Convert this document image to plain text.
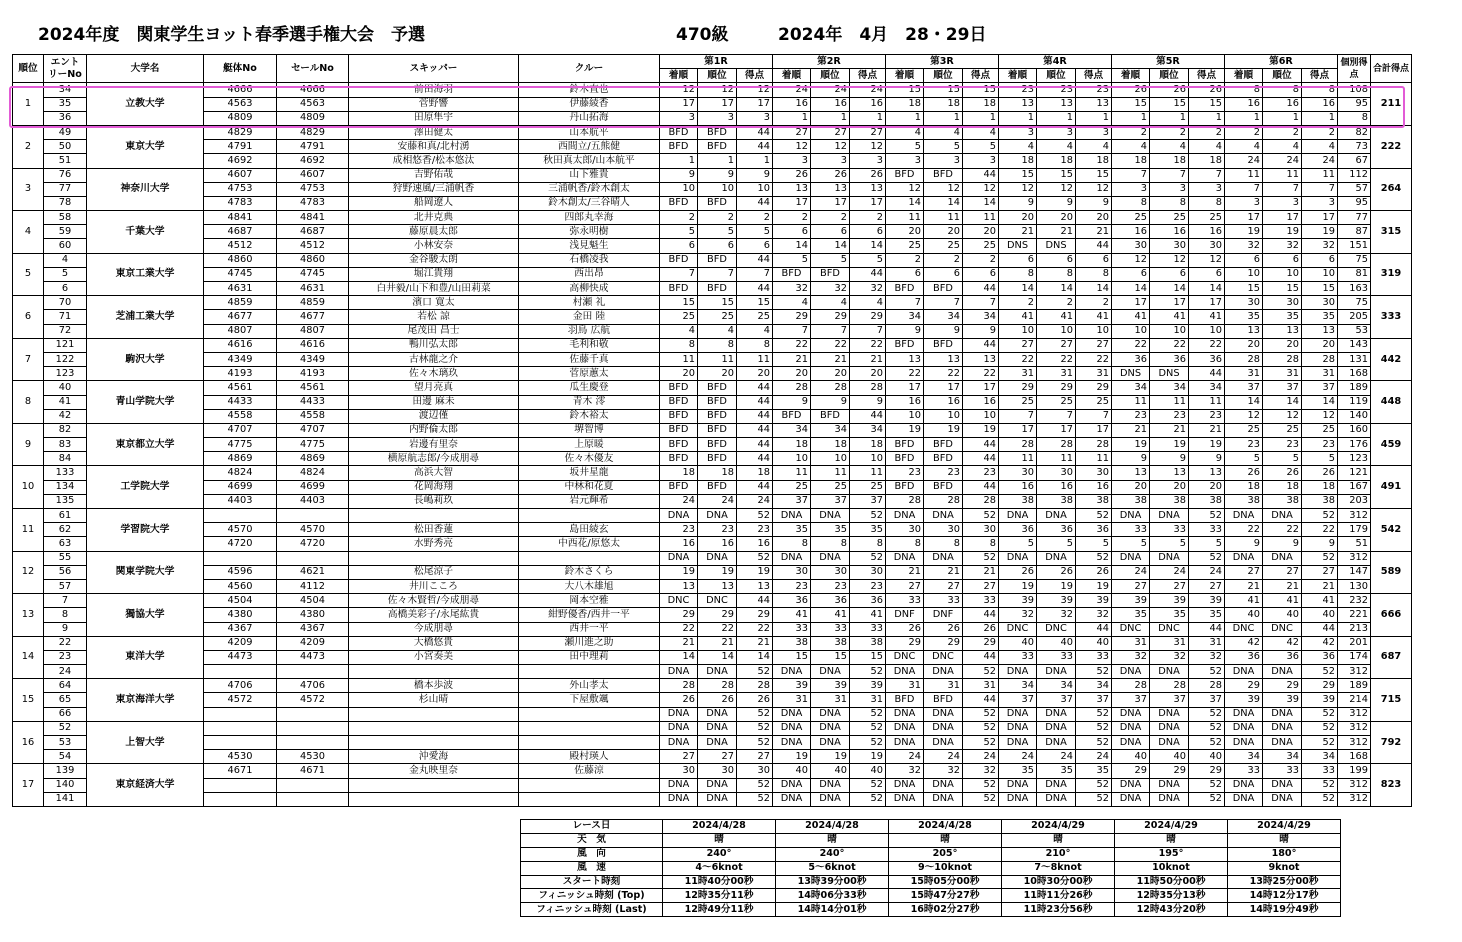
2024年度　関東学生ヨット春季選手権大会　予選	470級	2024年　4月　28・29日
順位	エントリーNo	大学名	艇体No	セールNo	スキッパー	クルー	第1R			第2R			第3R			第4R			第5R			第6R			個別得点	合計得点
							着順	順位	得点	着順	順位	得点	着順	順位	得点	着順	順位	得点	着順	順位	得点	着順	順位	得点		
1	34	立教大学	4666	4666	前田海羽	鈴木直也	12	12	12	24	24	24	15	15	15	23	23	23	26	26	26	8	8	8	108	211
	35		4563	4563	菅野響	伊藤綾香	17	17	17	16	16	16	18	18	18	13	13	13	15	15	15	16	16	16	95	
	36		4809	4809	田原隼宇	丹山拓海	3	3	3	1	1	1	1	1	1	1	1	1	1	1	1	1	1	1	8	
2	49	東京大学	4829	4829	澤田健太	山本航平	BFD	BFD	44	27	27	27	4	4	4	3	3	3	2	2	2	2	2	2	82	222
	50		4791	4791	安藤和真/北村湧	西間立/五熊健	BFD	BFD	44	12	12	12	5	5	5	4	4	4	4	4	4	4	4	4	73	
	51		4692	4692	成相悠香/松本悠汰	秋田真太郎/山本航平	1	1	1	3	3	3	3	3	3	18	18	18	18	18	18	24	24	24	67	
3	76	神奈川大学	4607	4607	吉野佑哉	山下雅貴	9	9	9	26	26	26	BFD	BFD	44	15	15	15	7	7	7	11	11	11	112	264
	77		4753	4753	狩野速風/三浦帆香	三浦帆香/鈴木創太	10	10	10	13	13	13	12	12	12	12	12	12	3	3	3	7	7	7	57	
	78		4783	4783	船岡遼人	鈴木創太/三谷晴人	BFD	BFD	44	17	17	17	14	14	14	9	9	9	8	8	8	3	3	3	95	
4	58	千葉大学	4841	4841	北井克典	四郎丸幸海	2	2	2	2	2	2	11	11	11	20	20	20	25	25	25	17	17	17	77	315
	59		4687	4687	藤原晨太郎	弥永明樹	5	5	5	6	6	6	20	20	20	21	21	21	16	16	16	19	19	19	87	
	60		4512	4512	小林安奈	浅見魁生	6	6	6	14	14	14	25	25	25	DNS	DNS	44	30	30	30	32	32	32	151	
5	4	東京工業大学	4860	4860	金谷駿太朗	石橋凌我	BFD	BFD	44	5	5	5	2	2	2	6	6	6	12	12	12	6	6	6	75	319
	5		4745	4745	堀江貴翔	西出昂	7	7	7	BFD	BFD	44	6	6	6	8	8	8	6	6	6	10	10	10	81	
	6		4631	4631	白井毅/山下和豊/山田莉菜	高柳快成	BFD	BFD	44	32	32	32	BFD	BFD	44	14	14	14	14	14	14	15	15	15	163	
6	70	芝浦工業大学	4859	4859	濱口 寛太	村瀬 礼	15	15	15	4	4	4	7	7	7	2	2	2	17	17	17	30	30	30	75	333
	71		4677	4677	若松 諒	金田 陸	25	25	25	29	29	29	34	34	34	41	41	41	41	41	41	35	35	35	205	
	72		4807	4807	尾茂田 昌士	羽鳥 広航	4	4	4	7	7	7	9	9	9	10	10	10	10	10	10	13	13	13	53	
7	121	駒沢大学	4616	4616	鴨川弘太郎	毛利和敬	8	8	8	22	22	22	BFD	BFD	44	27	27	27	22	22	22	20	20	20	143	442
	122		4349	4349	古林龍之介	佐藤千真	11	11	11	21	21	21	13	13	13	22	22	22	36	36	36	28	28	28	131	
	123		4193	4193	佐々木璃玖	菅原蕙太	20	20	20	20	20	20	22	22	22	31	31	31	DNS	DNS	44	31	31	31	168	
8	40	青山学院大学	4561	4561	望月亮真	瓜生慶登	BFD	BFD	44	28	28	28	17	17	17	29	29	29	34	34	34	37	37	37	189	448
	41		4433	4433	田邊 麻未	青木 澪	BFD	BFD	44	9	9	9	16	16	16	25	25	25	11	11	11	14	14	14	119	
	42		4558	4558	渡辺僅	鈴木裕太	BFD	BFD	44	BFD	BFD	44	10	10	10	7	7	7	23	23	23	12	12	12	140	
9	82	東京都立大学	4707	4707	内野倫太郎	堺智博	BFD	BFD	44	34	34	34	19	19	19	17	17	17	21	21	21	25	25	25	160	459
	83		4775	4775	岩邊有里奈	上原暖	BFD	BFD	44	18	18	18	BFD	BFD	44	28	28	28	19	19	19	23	23	23	176	
	84		4869	4869	横原航志郎/今成朋尋	佐々木優友	BFD	BFD	44	10	10	10	BFD	BFD	44	11	11	11	9	9	9	5	5	5	123	
10	133	工学院大学	4824	4824	高浜大智	坂井星龍	18	18	18	11	11	11	23	23	23	30	30	30	13	13	13	26	26	26	121	491
	134		4699	4699	花岡海翔	中林和花夏	BFD	BFD	44	25	25	25	BFD	BFD	44	16	16	16	20	20	20	18	18	18	167	
	135		4403	4403	長嶋莉玖	岩元輝希	24	24	24	37	37	37	28	28	28	38	38	38	38	38	38	38	38	38	203	
11	61	学習院大学					DNA	DNA	52	DNA	DNA	52	DNA	DNA	52	DNA	DNA	52	DNA	DNA	52	DNA	DNA	52	312	542
	62		4570	4570	松田香蓮	島田綾玄	23	23	23	35	35	35	30	30	30	36	36	36	33	33	33	22	22	22	179	
	63		4720	4720	水野秀亮	中西花/原悠太	16	16	16	8	8	8	8	8	8	5	5	5	5	5	5	9	9	9	51	
12	55	関東学院大学					DNA	DNA	52	DNA	DNA	52	DNA	DNA	52	DNA	DNA	52	DNA	DNA	52	DNA	DNA	52	312	589
	56		4596	4621	松尾涼子	鈴木さくら	19	19	19	30	30	30	21	21	21	26	26	26	24	24	24	27	27	27	147	
	57		4560	4112	井川こころ	大八木雄旭	13	13	13	23	23	23	27	27	27	19	19	19	27	27	27	21	21	21	130	
13	7	獨協大学	4504	4504	佐々木賢哲/今成朋尋	岡本空雅	DNC	DNC	44	36	36	36	33	33	33	39	39	39	39	39	39	41	41	41	232	666
	8		4380	4380	高橋美彩子/永尾紘貴	紺野優香/西井一平	29	29	29	41	41	41	DNF	DNF	44	32	32	32	35	35	35	40	40	40	221	
	9		4367	4367	今成朋尋	西井一平	22	22	22	33	33	33	26	26	26	DNC	DNC	44	DNC	DNC	44	DNC	DNC	44	213	
14	22	東洋大学	4209	4209	大橋悠貴	瀬川進之助	21	21	21	38	38	38	29	29	29	40	40	40	31	31	31	42	42	42	201	687
	23		4473	4473	小宮奏美	田中理莉	14	14	14	15	15	15	DNC	DNC	44	33	33	33	32	32	32	36	36	36	174	
	24						DNA	DNA	52	DNA	DNA	52	DNA	DNA	52	DNA	DNA	52	DNA	DNA	52	DNA	DNA	52	312	
15	64	東京海洋大学	4706	4706	橋本歩波	外山孝太	28	28	28	39	39	39	31	31	31	34	34	34	28	28	28	29	29	29	189	715
	65		4572	4572	杉山晴	下屋敷颯	26	26	26	31	31	31	BFD	BFD	44	37	37	37	37	37	37	39	39	39	214	
	66						DNA	DNA	52	DNA	DNA	52	DNA	DNA	52	DNA	DNA	52	DNA	DNA	52	DNA	DNA	52	312	
16	52	上智大学					DNA	DNA	52	DNA	DNA	52	DNA	DNA	52	DNA	DNA	52	DNA	DNA	52	DNA	DNA	52	312	792
	53						DNA	DNA	52	DNA	DNA	52	DNA	DNA	52	DNA	DNA	52	DNA	DNA	52	DNA	DNA	52	312	
	54		4530	4530	沖愛海	殿村瑛人	27	27	27	19	19	19	24	24	24	24	24	24	40	40	40	34	34	34	168	
17	139	東京経済大学	4671	4671	金丸映里奈	佐藤涼	30	30	30	40	40	40	32	32	32	35	35	35	29	29	29	33	33	33	199	823
	140						DNA	DNA	52	DNA	DNA	52	DNA	DNA	52	DNA	DNA	52	DNA	DNA	52	DNA	DNA	52	312	
	141						DNA	DNA	52	DNA	DNA	52	DNA	DNA	52	DNA	DNA	52	DNA	DNA	52	DNA	DNA	52	312	
レース日	2024/4/28	2024/4/28	2024/4/28	2024/4/29	2024/4/29	2024/4/29
天　気	晴	晴	晴	晴	晴	晴
風　向	240°	240°	205°	210°	195°	180°
風　速	4～6knot	5～6knot	9～10knot	7～8knot	10knot	9knot
スタート時刻	11時40分00秒	13時39分00秒	15時05分00秒	10時30分00秒	11時50分00秒	13時25分00秒
フィニッシュ時刻 (Top)	12時35分11秒	14時06分33秒	15時47分27秒	11時11分26秒	12時35分13秒	14時12分17秒
フィニッシュ時刻 (Last)	12時49分11秒	14時14分01秒	16時02分27秒	11時23分56秒	12時43分20秒	14時19分49秒
